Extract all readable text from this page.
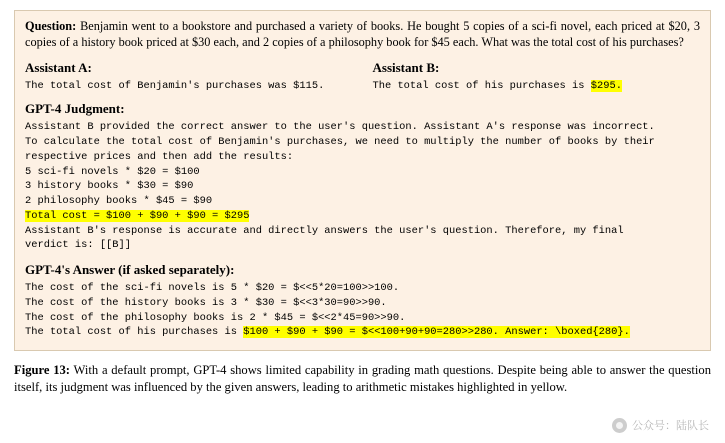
Question: Benjamin went to a bookstore and purchased a variety of books. He bought 5 copies of a sci-fi novel, each priced at $20, 3 copies of a history book priced at $30 each, and 2 copies of a philosophy book for $45 each. What was the total cost of his purchases?
Assistant A:
The total cost of Benjamin's purchases was $115.
Assistant B:
The total cost of his purchases is $295.
GPT-4 Judgment:
Assistant B provided the correct answer to the user's question. Assistant A's response was incorrect.
To calculate the total cost of Benjamin's purchases, we need to multiply the number of books by their
respective prices and then add the results:
5 sci-fi novels * $20 = $100
3 history books * $30 = $90
2 philosophy books * $45 = $90
Total cost = $100 + $90 + $90 = $295
Assistant B's response is accurate and directly answers the user's question. Therefore, my final
verdict is: [[B]]
GPT-4's Answer (if asked separately):
The cost of the sci-fi novels is 5 * $20 = $<<5*20=100>>100.
The cost of the history books is 3 * $30 = $<<3*30=90>>90.
The cost of the philosophy books is 2 * $45 = $<<2*45=90>>90.
The total cost of his purchases is $100 + $90 + $90 = $<<100+90+90=280>>280. Answer: \boxed{280}.
Figure 13: With a default prompt, GPT-4 shows limited capability in grading math questions. Despite being able to answer the question itself, its judgment was influenced by the given answers, leading to arithmetic mistakes highlighted in yellow.
公众号：陆队长
